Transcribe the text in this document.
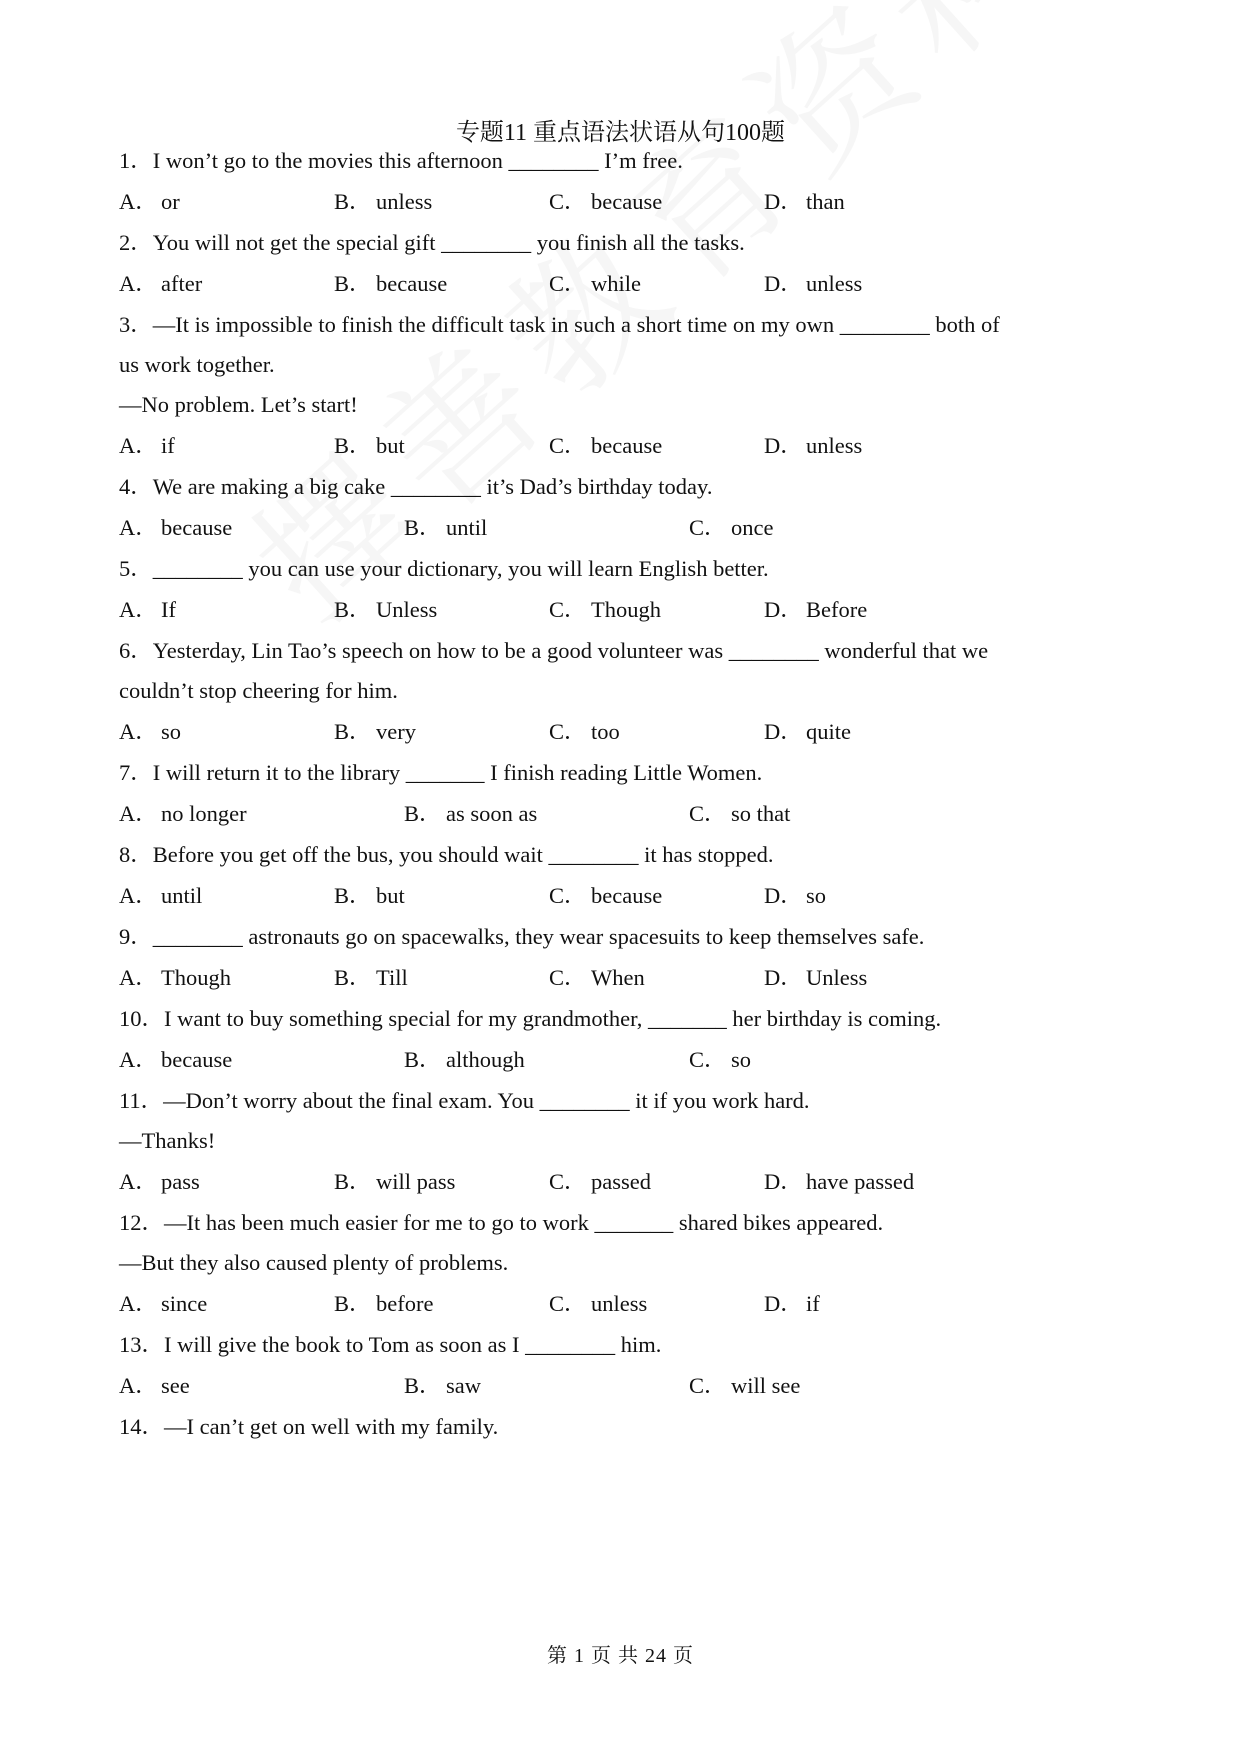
专题11 重点语法状语从句100题
1．I won’t go to the movies this afternoon ________ I’m free.
A． or	B． unless	C． because	D． than
2．You will not get the special gift ________ you finish all the tasks.
A． after	B． because	C． while	D． unless
3．—It is impossible to finish the difficult task in such a short time on my own ________ both of
us work together.
—No problem. Let’s start!
A． if	B． but	C． because	D． unless
4．We are making a big cake ________ it’s Dad’s birthday today.
A． because	B． until	C． once
5．________ you can use your dictionary, you will learn English better.
A． If	B． Unless	C． Though	D． Before
6．Yesterday, Lin Tao’s speech on how to be a good volunteer was ________ wonderful that we
couldn’t stop cheering for him.
A． so	B． very	C． too	D． quite
7．I will return it to the library _______ I finish reading Little Women.
A． no longer	B． as soon as	C． so that
8．Before you get off the bus, you should wait ________ it has stopped.
A． until	B． but	C． because	D． so
9．________ astronauts go on spacewalks, they wear spacesuits to keep themselves safe.
A． Though	B． Till	C． When	D． Unless
10．I want to buy something special for my grandmother, _______ her birthday is coming.
A． because	B． although	C． so
11．—Don’t worry about the final exam. You ________ it if you work hard.
—Thanks!
A． pass	B． will pass	C． passed	D． have passed
12．—It has been much easier for me to go to work _______ shared bikes appeared.
—But they also caused plenty of problems.
A． since	B． before	C． unless	D． if
13．I will give the book to Tom as soon as I ________ him.
A． see	B． saw	C． will see
14．—I can’t get on well with my family.
第 1 页 共 24 页
